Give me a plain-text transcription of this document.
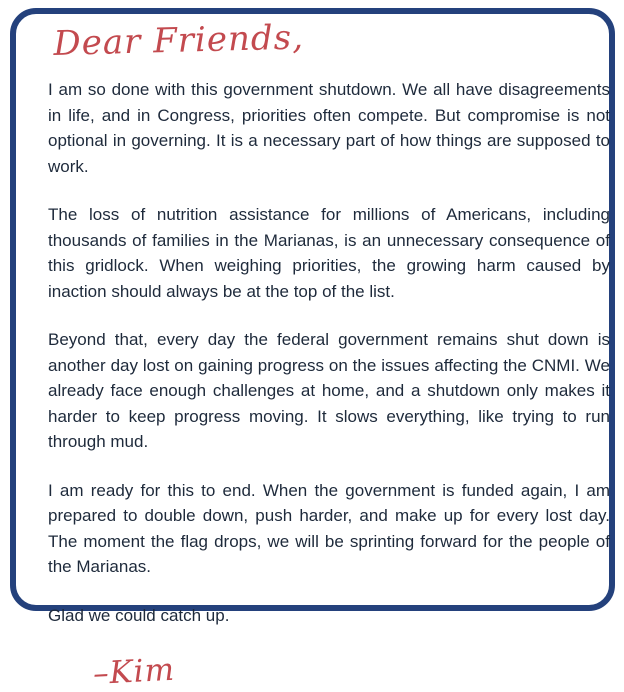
Dear Friends,

I am so done with this government shutdown. We all have disagreements in life, and in Congress, priorities often compete. But compromise is not optional in governing. It is a necessary part of how things are supposed to work.

The loss of nutrition assistance for millions of Americans, including thousands of families in the Marianas, is an unnecessary consequence of this gridlock. When weighing priorities, the growing harm caused by inaction should always be at the top of the list.

Beyond that, every day the federal government remains shut down is another day lost on gaining progress on the issues affecting the CNMI. We already face enough challenges at home, and a shutdown only makes it harder to keep progress moving. It slows everything, like trying to run through mud.

I am ready for this to end. When the government is funded again, I am prepared to double down, push harder, and make up for every lost day. The moment the flag drops, we will be sprinting forward for the people of the Marianas.

Glad we could catch up.

–Kim
